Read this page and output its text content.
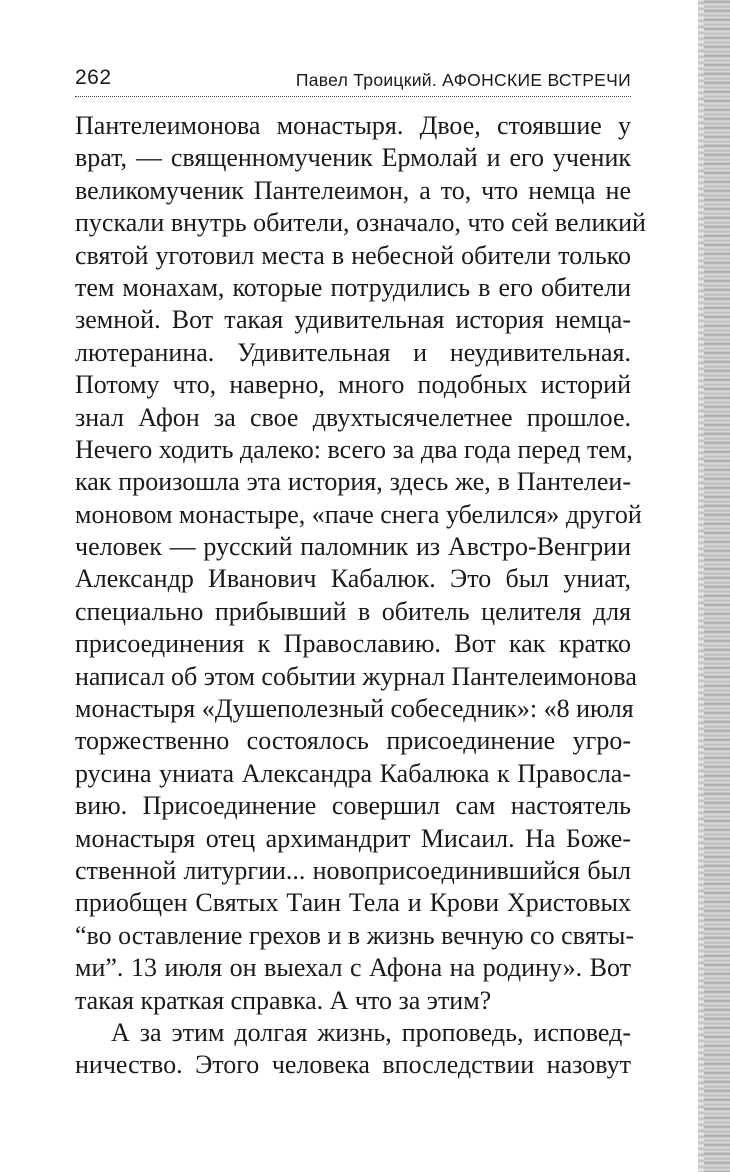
262	Павел Троицкий. АФОНСКИЕ ВСТРЕЧИ
Пантелеимонова монастыря. Двое, стоявшие у
врат, — священномученик Ермолай и его ученик
великомученик Пантелеимон, а то, что немца не
пускали внутрь обители, означало, что сей великий
святой уготовил места в небесной обители только
тем монахам, которые потрудились в его обители
земной. Вот такая удивительная история немца-
лютеранина. Удивительная и неудивительная.
Потому что, наверно, много подобных историй
знал Афон за свое двухтысячелетнее прошлое.
Нечего ходить далеко: всего за два года перед тем,
как произошла эта история, здесь же, в Пантелеи-
моновом монастыре, «паче снега убелился» другой
человек — русский паломник из Австро-Венгрии
Александр Иванович Кабалюк. Это был униат,
специально прибывший в обитель целителя для
присоединения к Православию. Вот как кратко
написал об этом событии журнал Пантелеимонова
монастыря «Душеполезный собеседник»: «8 июля
торжественно состоялось присоединение угро-
русина униата Александра Кабалюка к Правосла-
вию. Присоединение совершил сам настоятель
монастыря отец архимандрит Мисаил. На Боже-
ственной литургии... новоприсоединившийся был
приобщен Святых Таин Тела и Крови Христовых
“во оставление грехов и в жизнь вечную со святы-
ми”. 13 июля он выехал с Афона на родину». Вот
такая краткая справка. А что за этим?
А за этим долгая жизнь, проповедь, исповед-
ничество. Этого человека впоследствии назовут
